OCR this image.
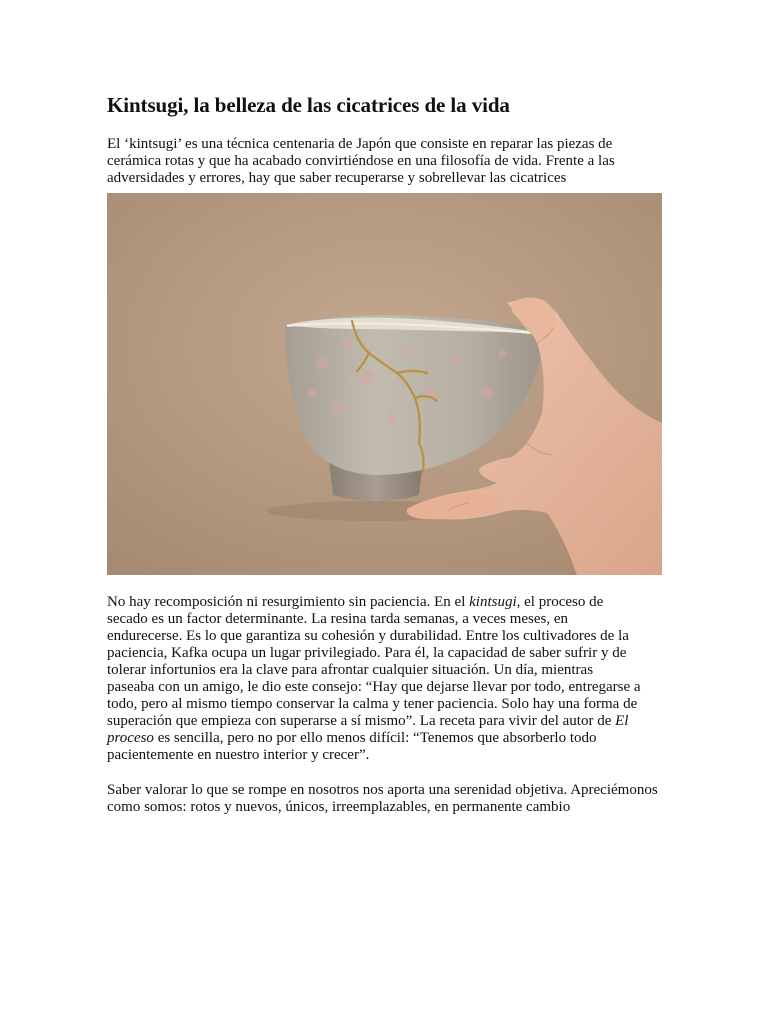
Kintsugi, la belleza de las cicatrices de la vida

El ‘kintsugi’ es una técnica centenaria de Japón que consiste en reparar las piezas de cerámica rotas y que ha acabado convirtiéndose en una filosofía de vida. Frente a las adversidades y errores, hay que saber recuperarse y sobrellevar las cicatrices

No hay recomposición ni resurgimiento sin paciencia. En el kintsugi, el proceso de secado es un factor determinante. La resina tarda semanas, a veces meses, en endurecerse. Es lo que garantiza su cohesión y durabilidad. Entre los cultivadores de la paciencia, Kafka ocupa un lugar privilegiado. Para él, la capacidad de saber sufrir y de tolerar infortunios era la clave para afrontar cualquier situación. Un día, mientras paseaba con un amigo, le dio este consejo: “Hay que dejarse llevar por todo, entregarse a todo, pero al mismo tiempo conservar la calma y tener paciencia. Solo hay una forma de superación que empieza con superarse a sí mismo”. La receta para vivir del autor de El proceso es sencilla, pero no por ello menos difícil: “Tenemos que absorberlo todo pacientemente en nuestro interior y crecer”.

Saber valorar lo que se rompe en nosotros nos aporta una serenidad objetiva. Apreciémonos como somos: rotos y nuevos, únicos, irreemplazables, en permanente cambio
